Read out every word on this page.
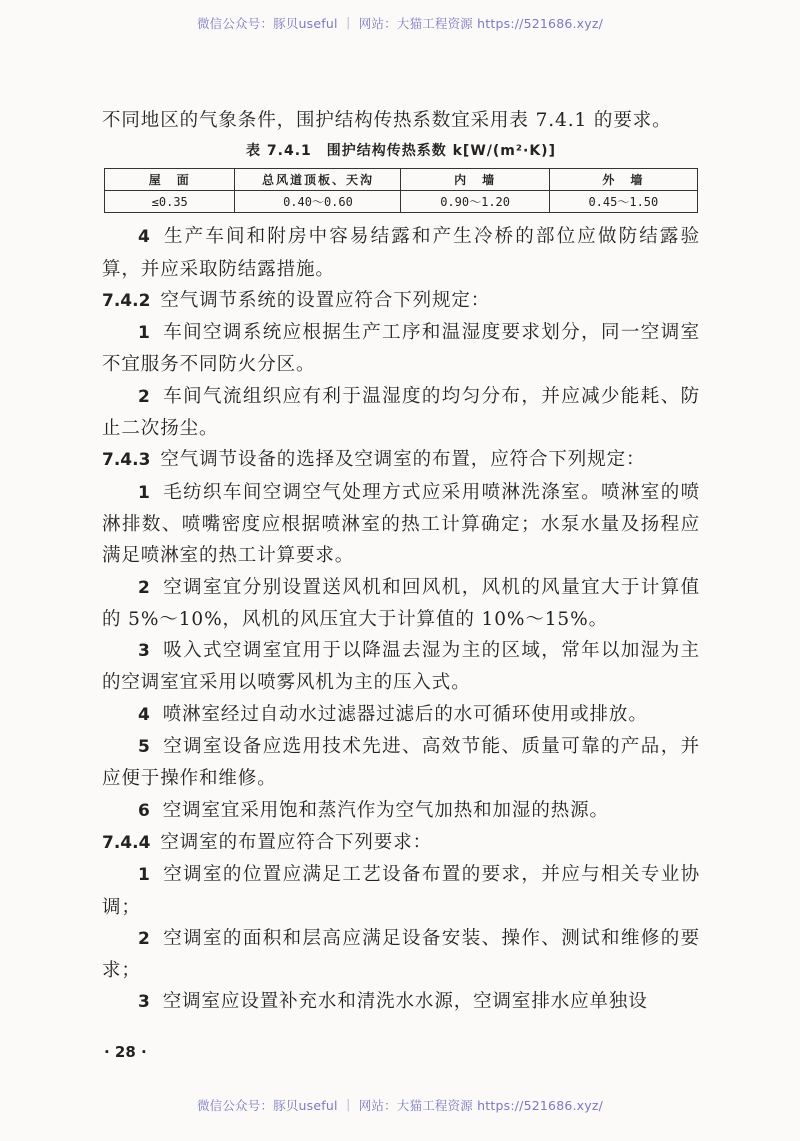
微信公众号：豚贝useful ｜ 网站：大猫工程资源 https://521686.xyz/

不同地区的气象条件，围护结构传热系数宜采用表 7.4.1 的要求。

表 7.4.1　围护结构传热系数 k[W/(m²·K)]
屋　面	总风道顶板、天沟	内　墙	外　墙
≤0.35	0.40～0.60	0.90～1.20	0.45～1.50

4 生产车间和附房中容易结露和产生冷桥的部位应做防结露验算，并应采取防结露措施。

7.4.2 空气调节系统的设置应符合下列规定：

1 车间空调系统应根据生产工序和温湿度要求划分，同一空调室不宜服务不同防火分区。

2 车间气流组织应有利于温湿度的均匀分布，并应减少能耗、防止二次扬尘。

7.4.3 空气调节设备的选择及空调室的布置，应符合下列规定：

1 毛纺织车间空调空气处理方式应采用喷淋洗涤室。喷淋室的喷淋排数、喷嘴密度应根据喷淋室的热工计算确定；水泵水量及扬程应满足喷淋室的热工计算要求。

2 空调室宜分别设置送风机和回风机，风机的风量宜大于计算值的 5%～10%，风机的风压宜大于计算值的 10%～15%。

3 吸入式空调室宜用于以降温去湿为主的区域，常年以加湿为主的空调室宜采用以喷雾风机为主的压入式。

4 喷淋室经过自动水过滤器过滤后的水可循环使用或排放。

5 空调室设备应选用技术先进、高效节能、质量可靠的产品，并应便于操作和维修。

6 空调室宜采用饱和蒸汽作为空气加热和加湿的热源。

7.4.4 空调室的布置应符合下列要求：

1 空调室的位置应满足工艺设备布置的要求，并应与相关专业协调；

2 空调室的面积和层高应满足设备安装、操作、测试和维修的要求；

3 空调室应设置补充水和清洗水水源，空调室排水应单独设

· 28 ·
微信公众号：豚贝useful ｜ 网站：大猫工程资源 https://521686.xyz/
